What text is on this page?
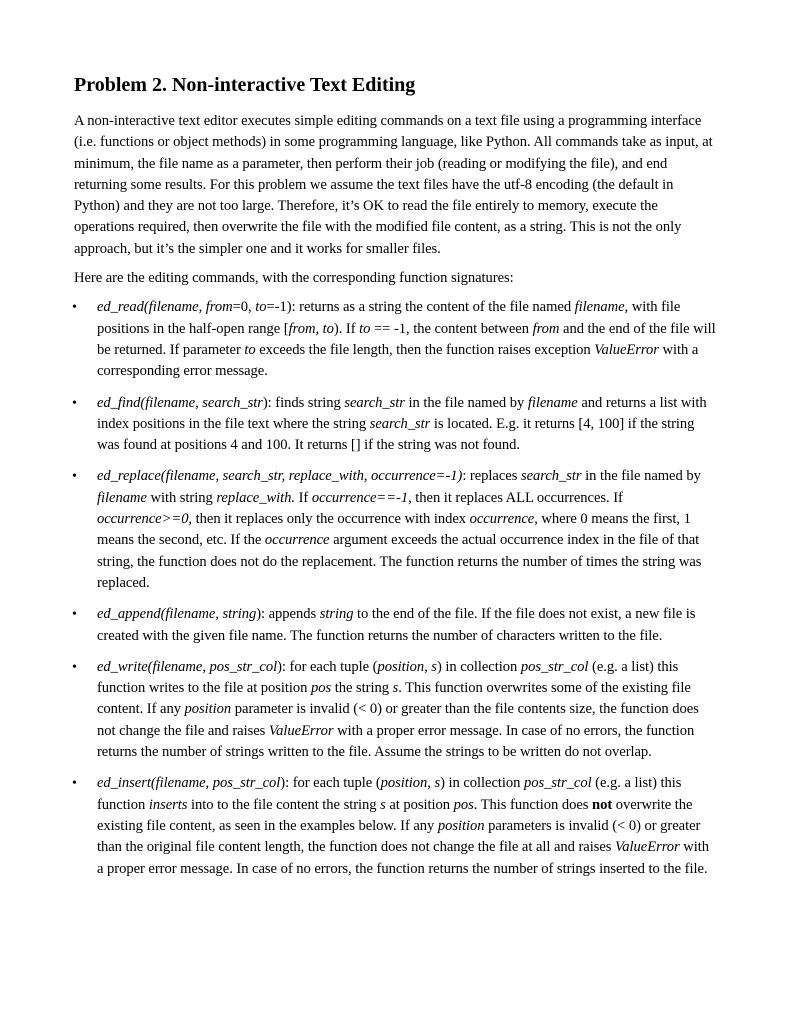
Problem 2. Non-interactive Text Editing

A non-interactive text editor executes simple editing commands on a text file using a programming interface (i.e. functions or object methods) in some programming language, like Python. All commands take as input, at minimum, the file name as a parameter, then perform their job (reading or modifying the file), and end returning some results. For this problem we assume the text files have the utf-8 encoding (the default in Python) and they are not too large. Therefore, it’s OK to read the file entirely to memory, execute the operations required, then overwrite the file with the modified file content, as a string. This is not the only approach, but it’s the simpler one and it works for smaller files.

Here are the editing commands, with the corresponding function signatures:

• ed_read(filename, from=0, to=-1): returns as a string the content of the file named filename, with file positions in the half-open range [from, to). If to == -1, the content between from and the end of the file will be returned. If parameter to exceeds the file length, then the function raises exception ValueError with a corresponding error message.
• ed_find(filename, search_str): finds string search_str in the file named by filename and returns a list with index positions in the file text where the string search_str is located. E.g. it returns [4, 100] if the string was found at positions 4 and 100. It returns [] if the string was not found.
• ed_replace(filename, search_str, replace_with, occurrence=-1): replaces search_str in the file named by filename with string replace_with. If occurrence==-1, then it replaces ALL occurrences. If occurrence>=0, then it replaces only the occurrence with index occurrence, where 0 means the first, 1 means the second, etc. If the occurrence argument exceeds the actual occurrence index in the file of that string, the function does not do the replacement. The function returns the number of times the string was replaced.
• ed_append(filename, string): appends string to the end of the file. If the file does not exist, a new file is created with the given file name. The function returns the number of characters written to the file.
• ed_write(filename, pos_str_col): for each tuple (position, s) in collection pos_str_col (e.g. a list) this function writes to the file at position pos the string s. This function overwrites some of the existing file content. If any position parameter is invalid (< 0) or greater than the file contents size, the function does not change the file and raises ValueError with a proper error message. In case of no errors, the function returns the number of strings written to the file. Assume the strings to be written do not overlap.
• ed_insert(filename, pos_str_col): for each tuple (position, s) in collection pos_str_col (e.g. a list) this function inserts into to the file content the string s at position pos. This function does not overwrite the existing file content, as seen in the examples below. If any position parameters is invalid (< 0) or greater than the original file content length, the function does not change the file at all and raises ValueError with a proper error message. In case of no errors, the function returns the number of strings inserted to the file.
